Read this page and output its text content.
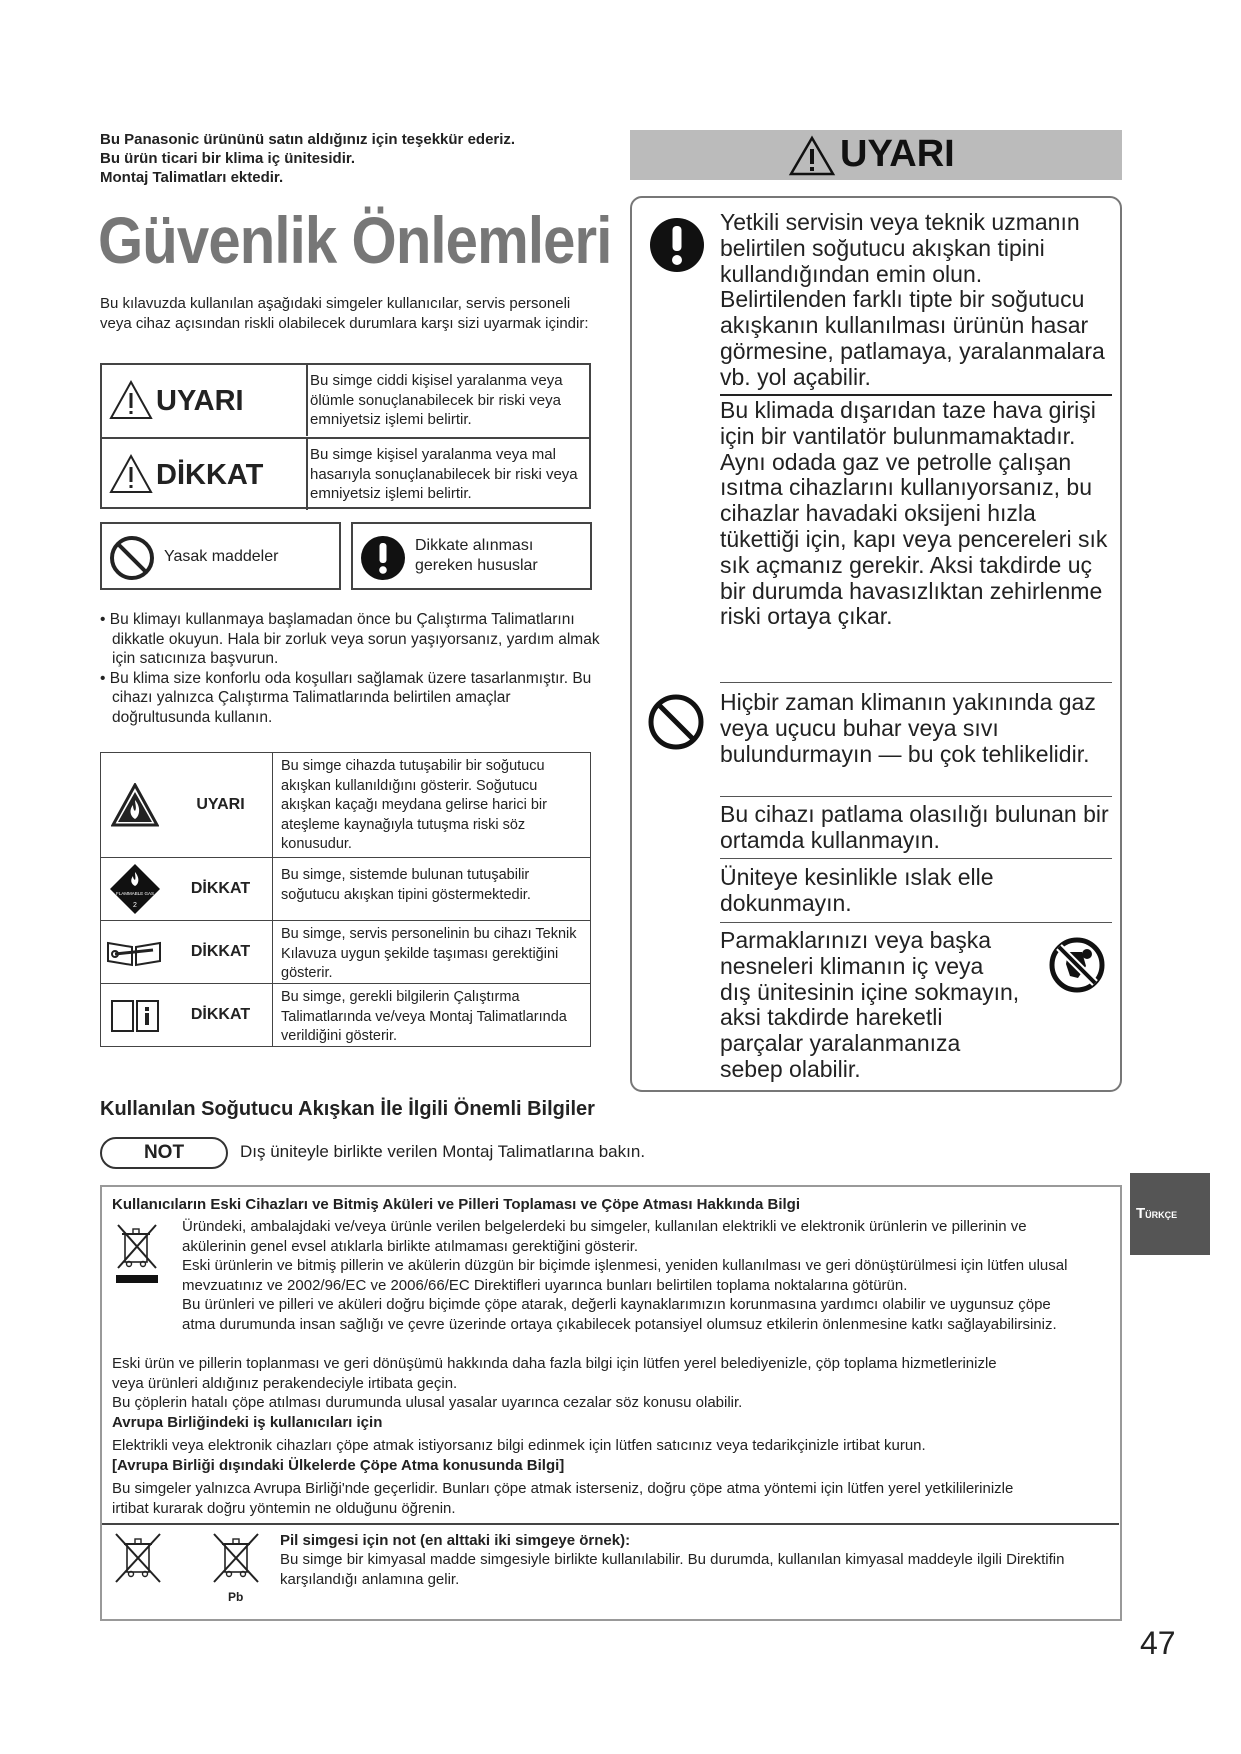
Bu Panasonic ürününü satın aldığınız için teşekkür ederiz.
Bu ürün ticari bir klima iç ünitesidir.
Montaj Talimatları ektedir.
Güvenlik Önlemleri
Bu kılavuzda kullanılan aşağıdaki simgeler kullanıcılar, servis personeli veya cihaz açısından riskli olabilecek durumlara karşı sizi uyarmak içindir:
UYARI
Bu simge ciddi kişisel yaralanma veya ölümle sonuçlanabilecek bir riski veya emniyetsiz işlemi belirtir.
DİKKAT
Bu simge kişisel yaralanma veya mal hasarıyla sonuçlanabilecek bir riski veya emniyetsiz işlemi belirtir.
Yasak maddeler
Dikkate alınması
gereken hususlar
• Bu klimayı kullanmaya başlamadan önce bu Çalıştırma Talimatlarını dikkatle okuyun. Hala bir zorluk veya sorun yaşıyorsanız, yardım almak için satıcınıza başvurun.
• Bu klima size konforlu oda koşulları sağlamak üzere tasarlanmıştır. Bu cihazı yalnızca Çalıştırma Talimatlarında belirtilen amaçlar doğrultusunda kullanın.
UYARI
Bu simge cihazda tutuşabilir bir soğutucu akışkan kullanıldığını gösterir. Soğutucu akışkan kaçağı meydana gelirse harici bir ateşleme kaynağıyla tutuşma riski söz konusudur.
FLAMMABLE GAS
2
DİKKAT
Bu simge, sistemde bulunan tutuşabilir soğutucu akışkan tipini göstermektedir.
DİKKAT
Bu simge, servis personelinin bu cihazı Teknik Kılavuza uygun şekilde taşıması gerektiğini gösterir.
DİKKAT
Bu simge, gerekli bilgilerin Çalıştırma Talimatlarında ve/veya Montaj Talimatlarında verildiğini gösterir.
Kullanılan Soğutucu Akışkan İle İlgili Önemli Bilgiler
NOT	Dış üniteyle birlikte verilen Montaj Talimatlarına bakın.
UYARI
Yetkili servisin veya teknik uzmanın belirtilen soğutucu akışkan tipini kullandığından emin olun. Belirtilenden farklı tipte bir soğutucu akışkanın kullanılması ürünün hasar görmesine, patlamaya, yaralanmalara vb. yol açabilir.
Bu klimada dışarıdan taze hava girişi için bir vantilatör bulunmamaktadır. Aynı odada gaz ve petrolle çalışan ısıtma cihazlarını kullanıyorsanız, bu cihazlar havadaki oksijeni hızla tükettiği için, kapı veya pencereleri sık sık açmanız gerekir. Aksi takdirde uç bir durumda havasızlıktan zehirlenme riski ortaya çıkar.
Hiçbir zaman klimanın yakınında gaz veya uçucu buhar veya sıvı bulundurmayın — bu çok tehlikelidir.
Bu cihazı patlama olasılığı bulunan bir ortamda kullanmayın.
Üniteye kesinlikle ıslak elle dokunmayın.
Parmaklarınızı veya başka nesneleri klimanın iç veya dış ünitesinin içine sokmayın, aksi takdirde hareketli parçalar yaralanmanıza sebep olabilir.
TÜRKÇE
Kullanıcıların Eski Cihazları ve Bitmiş Aküleri ve Pilleri Toplaması ve Çöpe Atması Hakkında Bilgi
Üründeki, ambalajdaki ve/veya ürünle verilen belgelerdeki bu simgeler, kullanılan elektrikli ve elektronik ürünlerin ve pillerinin ve akülerinin genel evsel atıklarla birlikte atılmaması gerektiğini gösterir.
Eski ürünlerin ve bitmiş pillerin ve akülerin düzgün bir biçimde işlenmesi, yeniden kullanılması ve geri dönüştürülmesi için lütfen ulusal mevzuatınız ve 2002/96/EC ve 2006/66/EC Direktifleri uyarınca bunları belirtilen toplama noktalarına götürün.
Bu ürünleri ve pilleri ve aküleri doğru biçimde çöpe atarak, değerli kaynaklarımızın korunmasına yardımcı olabilir ve uygunsuz çöpe atma durumunda insan sağlığı ve çevre üzerinde ortaya çıkabilecek potansiyel olumsuz etkilerin önlenmesine katkı sağlayabilirsiniz.
Eski ürün ve pillerin toplanması ve geri dönüşümü hakkında daha fazla bilgi için lütfen yerel belediyenizle, çöp toplama hizmetlerinizle veya ürünleri aldığınız perakendeciyle irtibata geçin.
Bu çöplerin hatalı çöpe atılması durumunda ulusal yasalar uyarınca cezalar söz konusu olabilir.
Avrupa Birliğindeki iş kullanıcıları için
Elektrikli veya elektronik cihazları çöpe atmak istiyorsanız bilgi edinmek için lütfen satıcınız veya tedarikçinizle irtibat kurun.
[Avrupa Birliği dışındaki Ülkelerde Çöpe Atma konusunda Bilgi]
Bu simgeler yalnızca Avrupa Birliği'nde geçerlidir. Bunları çöpe atmak isterseniz, doğru çöpe atma yöntemi için lütfen yerel yetkililerinizle irtibat kurarak doğru yöntemin ne olduğunu öğrenin.
Pb
Pil simgesi için not (en alttaki iki simgeye örnek):
Bu simge bir kimyasal madde simgesiyle birlikte kullanılabilir. Bu durumda, kullanılan kimyasal maddeyle ilgili Direktifin karşılandığı anlamına gelir.
47
